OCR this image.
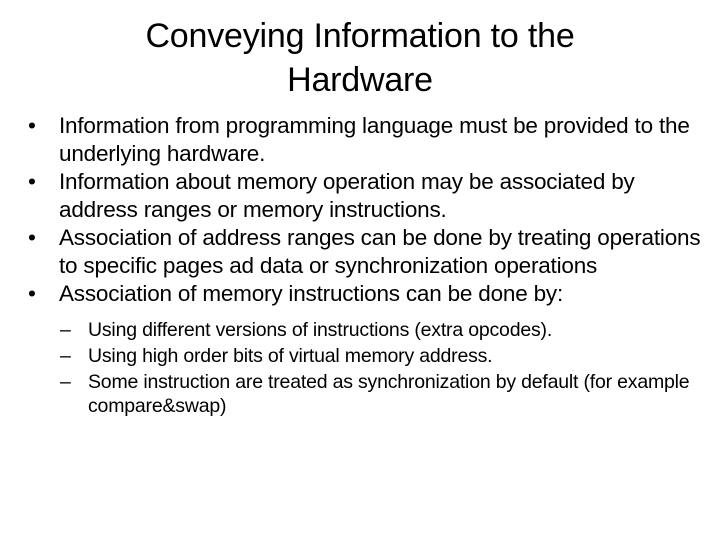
Conveying Information to the Hardware
•	Information from programming language must be provided to the underlying hardware.
•	Information about memory operation may be associated by address ranges or memory instructions.
•	Association of address ranges can be done by treating operations to specific pages ad data or synchronization operations
•	Association of memory instructions can be done by:
– Using different versions of instructions (extra opcodes).
– Using high order bits of virtual memory address.
– Some instruction are treated as synchronization by default (for example compare&swap)
